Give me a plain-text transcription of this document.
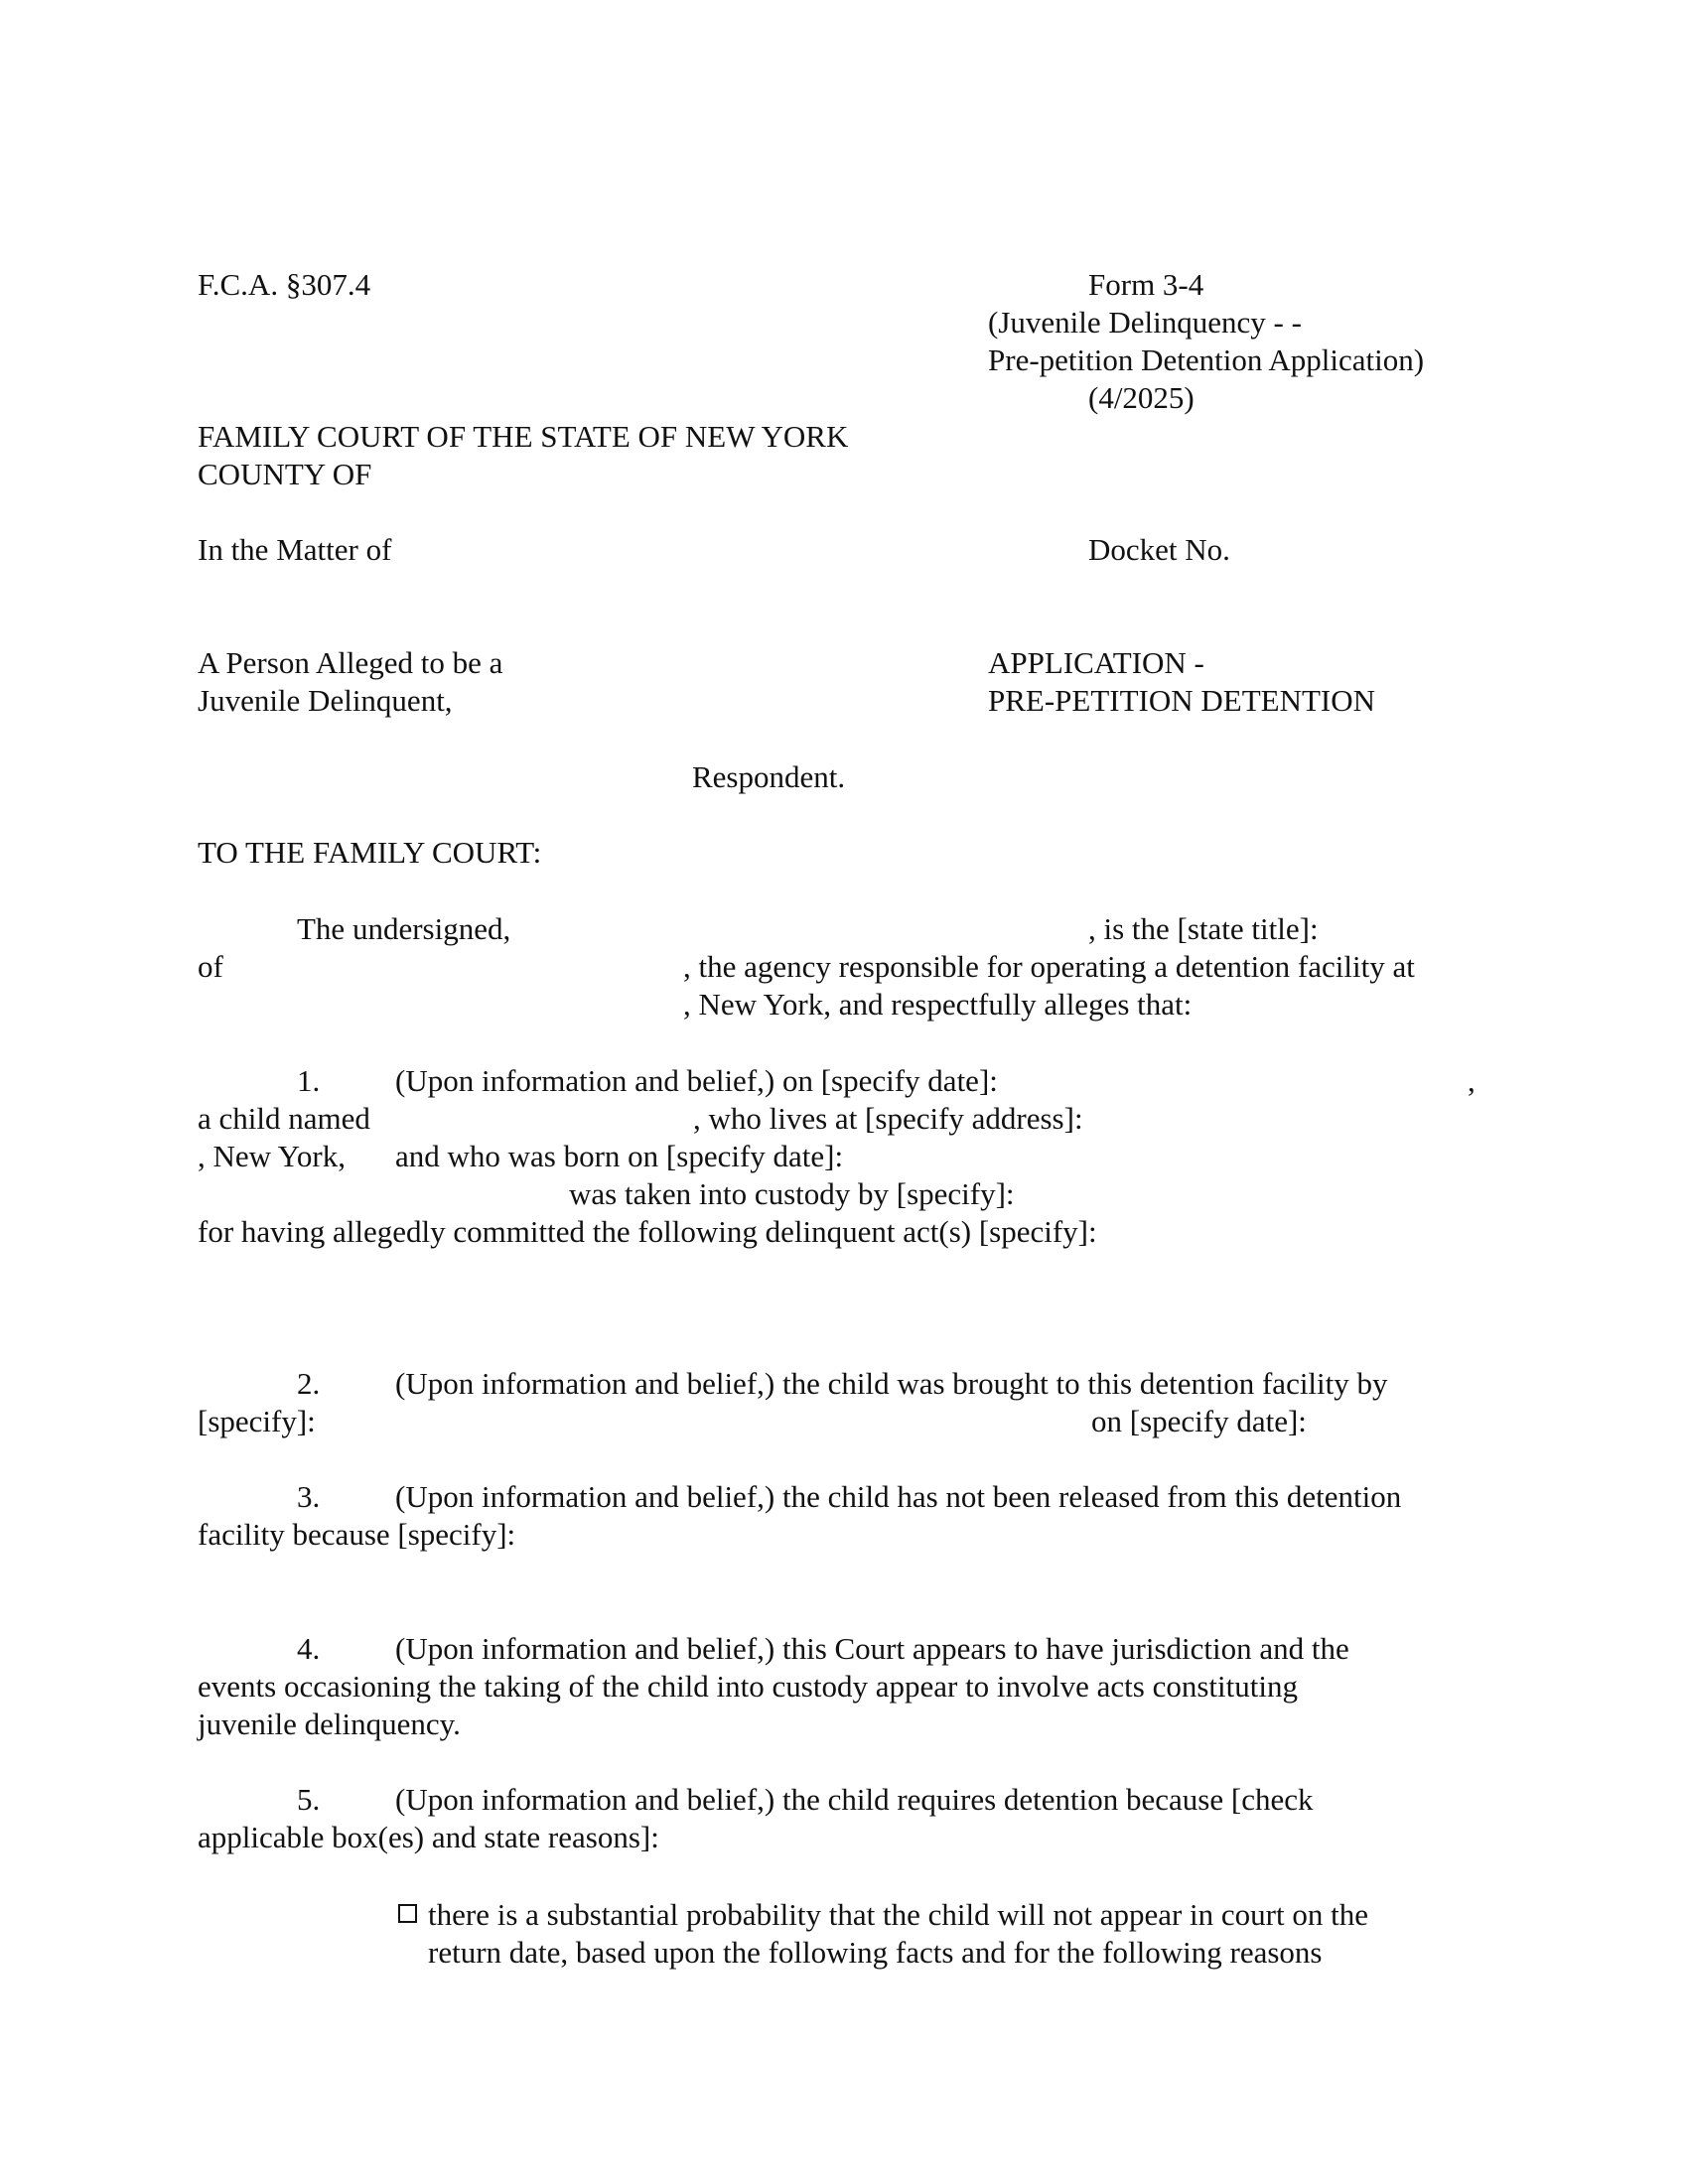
F.C.A. §307.4	Form 3-4
(Juvenile Delinquency - -
Pre-petition Detention Application)
(4/2025)
FAMILY COURT OF THE STATE OF NEW YORK
COUNTY OF
In the Matter of	Docket No.
A Person Alleged to be a
Juvenile Delinquent,
APPLICATION -
PRE-PETITION DETENTION
Respondent.
TO THE FAMILY COURT:
The undersigned,	, is the [state title]:
of	, the agency responsible for operating a detention facility at
, New York, and respectfully alleges that:
1. (Upon information and belief,) on [specify date]:	,
a child named	, who lives at [specify address]:
, New York, and who was born on [specify date]:
was taken into custody by [specify]:
for having allegedly committed the following delinquent act(s) [specify]:
2. (Upon information and belief,) the child was brought to this detention facility by
[specify]:	on [specify date]:
3. (Upon information and belief,) the child has not been released from this detention
facility because [specify]:
4. (Upon information and belief,) this Court appears to have jurisdiction and the
events occasioning the taking of the child into custody appear to involve acts constituting
juvenile delinquency.
5. (Upon information and belief,) the child requires detention because [check
applicable box(es) and state reasons]:
there is a substantial probability that the child will not appear in court on the
return date, based upon the following facts and for the following reasons
